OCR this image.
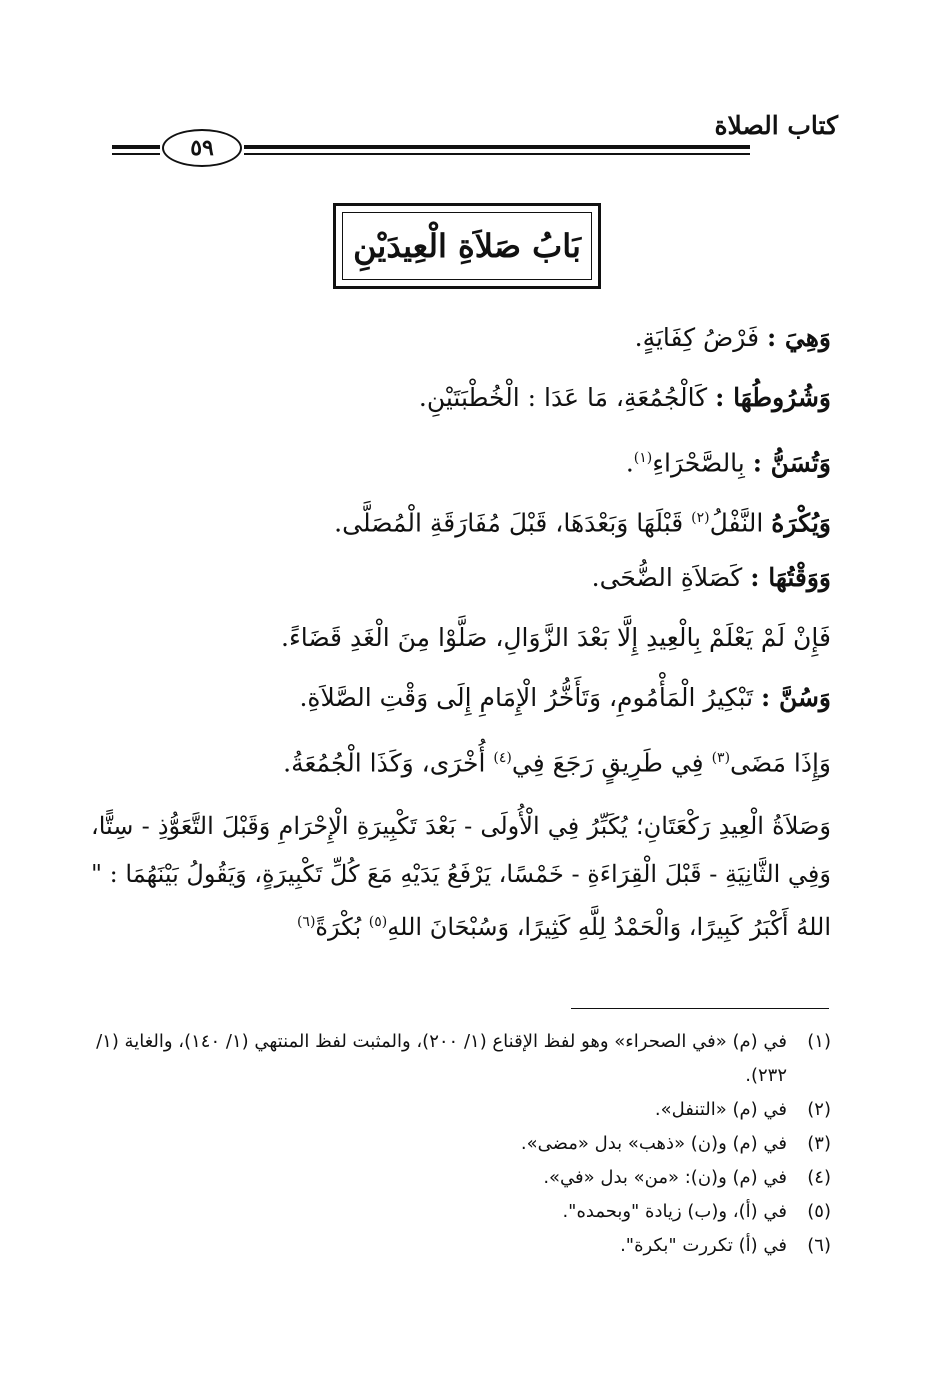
كتاب الصلاة
٥٩
بَابُ صَلاَةِ الْعِيدَيْنِ
وَهِيَ : فَرْضُ كِفَايَةٍ.
وَشُرُوطُهَا : كَالْجُمُعَةِ، مَا عَدَا : الْخُطْبَتَيْنِ.
وَتُسَنُّ : بِالصَّحْرَاءِ$^{(١)}$.
وَيُكْرَهُ النَّفْلُ$^{(٢)}$ قَبْلَهَا وَبَعْدَهَا، قَبْلَ مُفَارَقَةِ الْمُصَلَّى.
وَوَقْتُهَا : كَصَلاَةِ الضُّحَى.
فَإِنْ لَمْ يَعْلَمْ بِالْعِيدِ إِلَّا بَعْدَ الزَّوَالِ، صَلَّوْا مِنَ الْغَدِ قَضَاءً.
وَسُنَّ : تَبْكِيرُ الْمَأْمُومِ، وَتَأَخُّرُ الْإِمَامِ إِلَى وَقْتِ الصَّلاَةِ.
وَإِذَا مَضَى$^{(٣)}$ فِي طَرِيقٍ رَجَعَ فِي$^{(٤)}$ أُخْرَى، وَكَذَا الْجُمُعَةُ.
وَصَلاَةُ الْعِيدِ رَكْعَتَانِ؛ يُكَبِّرُ فِي الْأُولَى - بَعْدَ تَكْبِيرَةِ الْإِحْرَامِ وَقَبْلَ التَّعَوُّذِ - سِتًّا، وَفِي الثَّانِيَةِ - قَبْلَ الْقِرَاءَةِ - خَمْسًا، يَرْفَعُ يَدَيْهِ مَعَ كُلِّ تَكْبِيرَةٍ، وَيَقُولُ بَيْنَهُمَا : " اللهُ أَكْبَرُ كَبِيرًا، وَالْحَمْدُ لِلَّهِ كَثِيرًا، وَسُبْحَانَ اللهِ$^{(٥)}$ بُكْرَةً$^{(٦)}$
(١)
في (م) «في الصحراء» وهو لفظ الإقناع (١/ ٢٠٠)، والمثبت لفظ المنتهي (١/ ١٤٠)، والغاية (١/ ٢٣٢).
(٢)
في (م) «التنفل».
(٣)
في (م) و(ن) «ذهب» بدل «مضى».
(٤)
في (م) و(ن): «من» بدل «في».
(٥)
في (أ)، و(ب) زيادة "وبحمده".
(٦)
في (أ) تكررت "بكرة".
